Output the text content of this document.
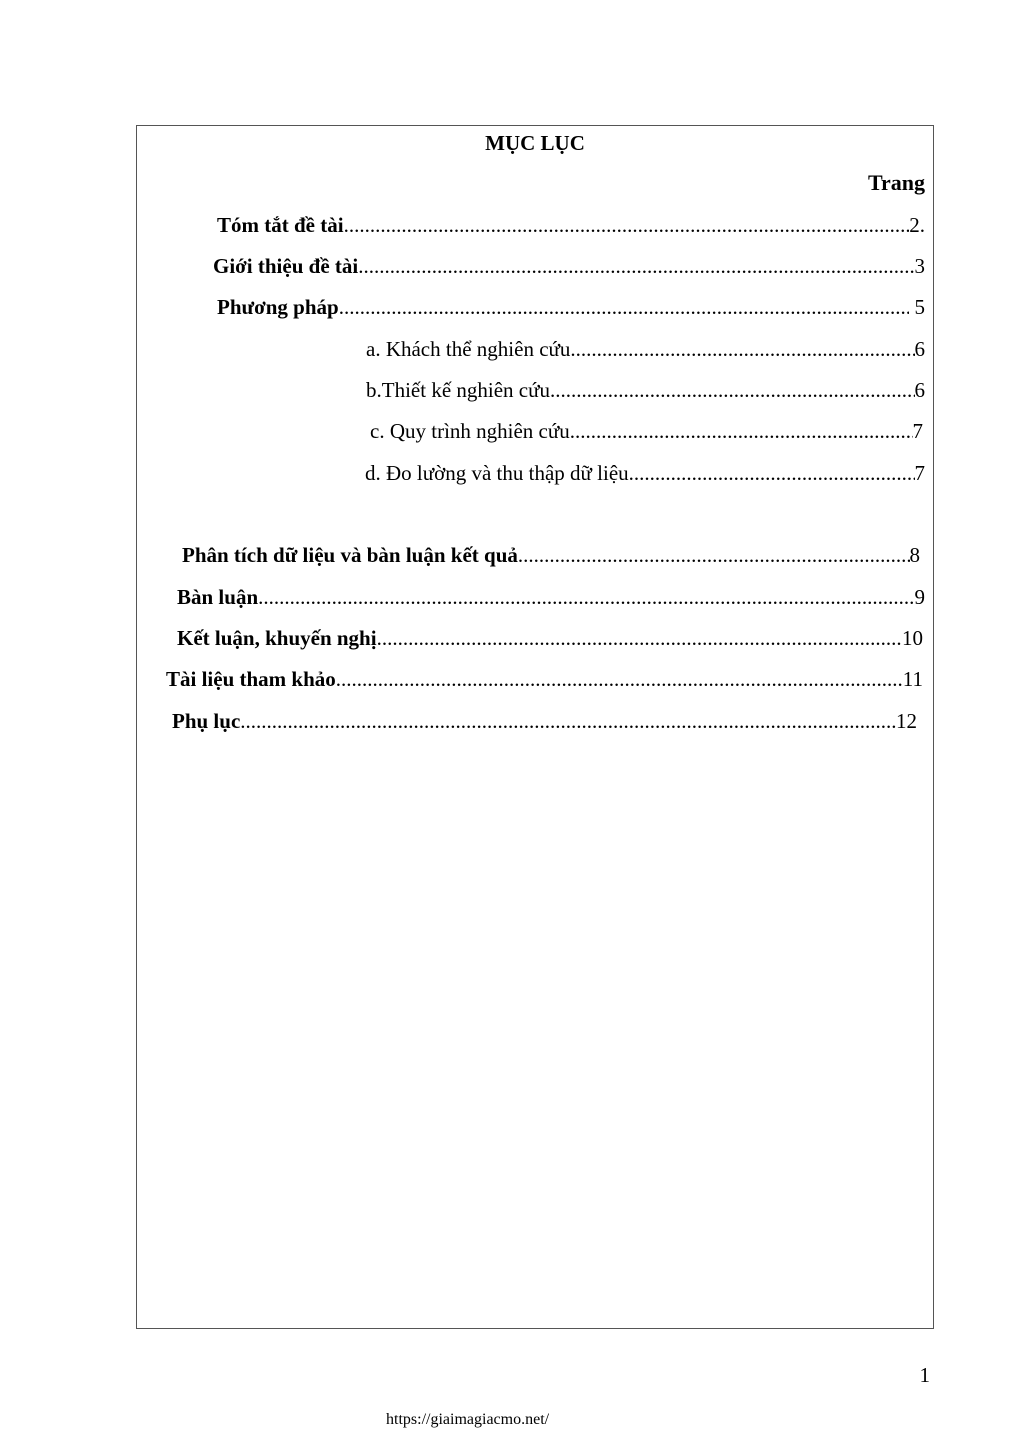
MỤC LỤC
Trang
Tóm tắt đề tài .....	2.
Giới thiệu đề tài .....	3
Phương pháp .....	5
a. Khách thể nghiên cứu .....	6
b.Thiết kế nghiên cứu .....	6
c. Quy trình nghiên cứu .....	7
d. Đo lường và thu thập dữ liệu .....	7
Phân tích dữ liệu và bàn luận kết quả .....	8
Bàn luận .....	9
Kết luận, khuyến nghị .....	10
Tài liệu tham khảo .....	11
Phụ lục .....	12
1
https://giaimagiacmo.net/
